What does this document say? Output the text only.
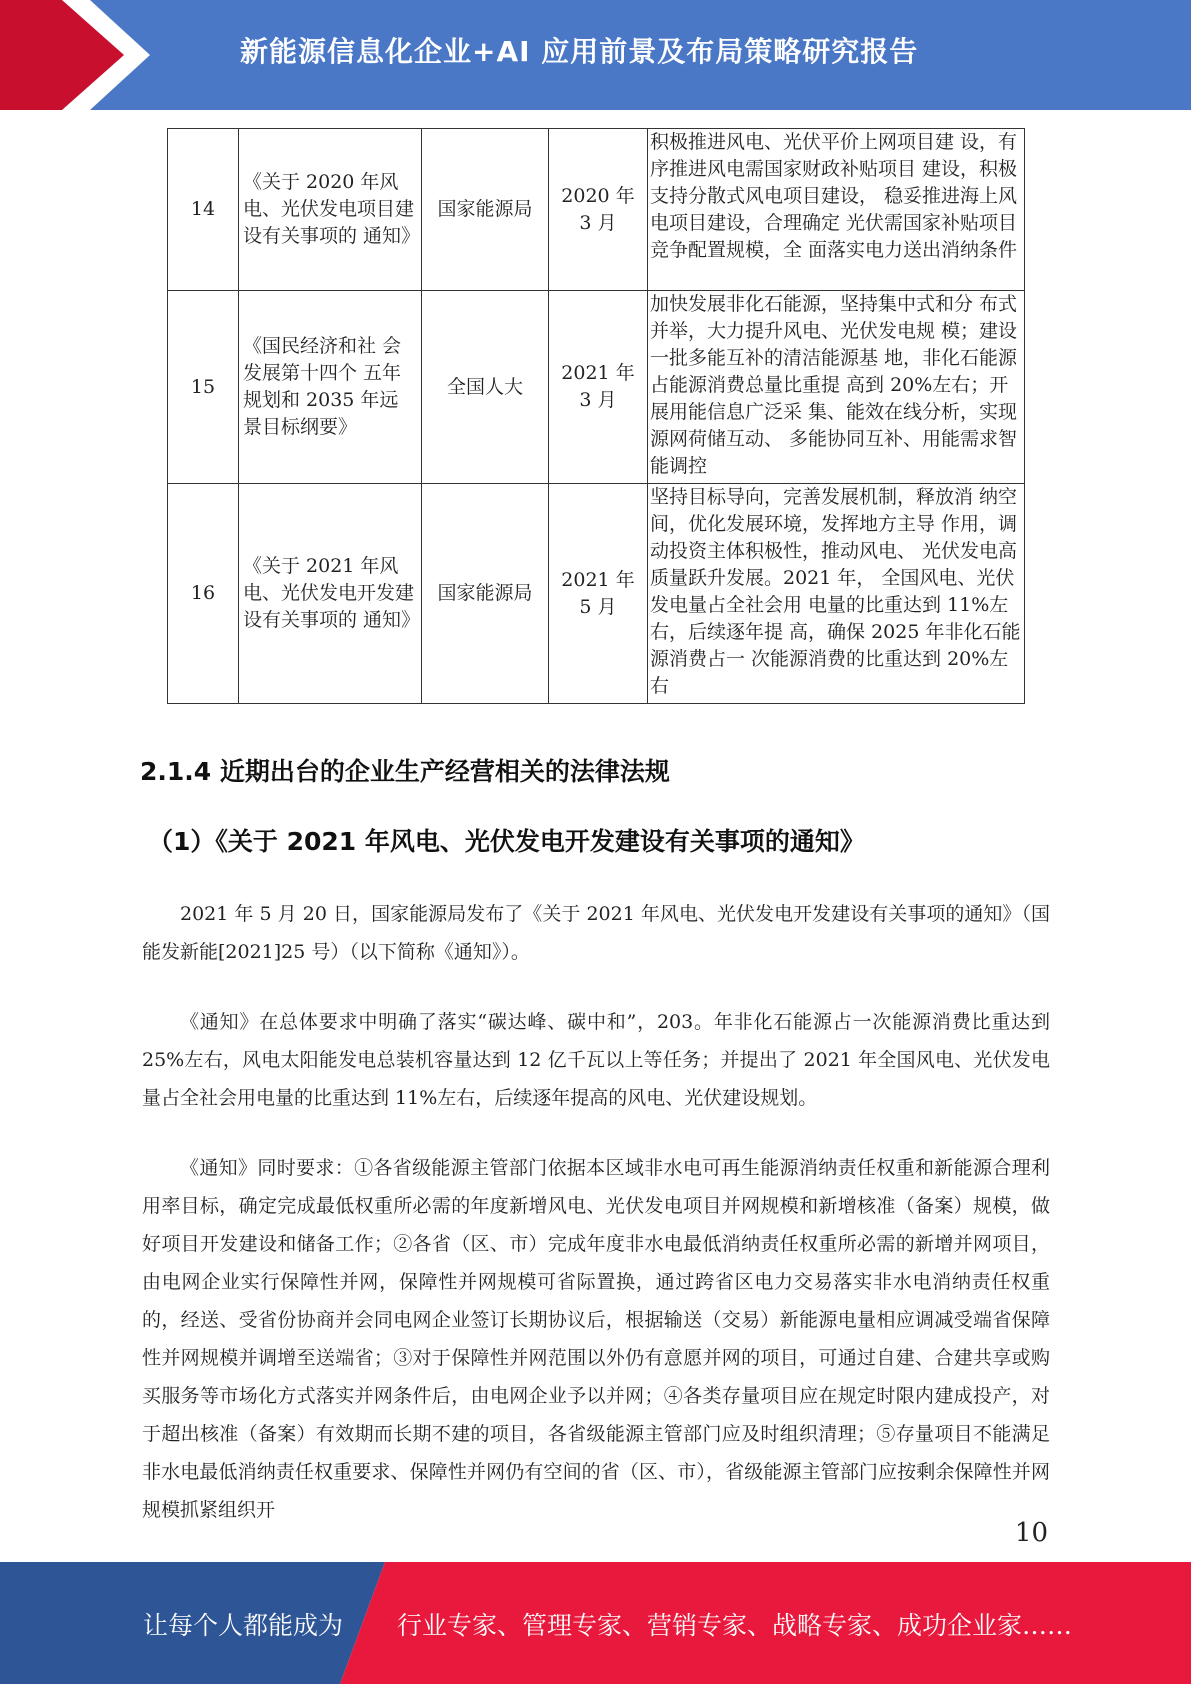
新能源信息化企业+AI 应用前景及布局策略研究报告
14	《关于 2020 年风电、光伏发电项目建设有关事项的 通知》	国家能源局	2020 年 3 月	积极推进风电、光伏平价上网项目建 设，有序推进风电需国家财政补贴项目 建设，积极支持分散式风电项目建设， 稳妥推进海上风电项目建设，合理确定 光伏需国家补贴项目竞争配置规模，全 面落实电力送出消纳条件
15	《国民经济和社 会发展第十四个 五年规划和 2035 年远景目标纲要》	全国人大	2021 年 3 月	加快发展非化石能源，坚持集中式和分 布式并举，大力提升风电、光伏发电规 模；建设一批多能互补的清洁能源基 地，非化石能源占能源消费总量比重提 高到 20%左右；开展用能信息广泛采 集、能效在线分析，实现源网荷储互动、 多能协同互补、用能需求智能调控
16	《关于 2021 年风电、光伏发电开发建设有关事项的 通知》	国家能源局	2021 年 5 月	坚持目标导向，完善发展机制，释放消 纳空间，优化发展环境，发挥地方主导 作用，调动投资主体积极性，推动风电、 光伏发电高质量跃升发展。2021 年， 全国风电、光伏发电量占全社会用 电量的比重达到 11%左右，后续逐年提 高，确保 2025 年非化石能源消费占一 次能源消费的比重达到 20%左右
2.1.4 近期出台的企业生产经营相关的法律法规
（1）《关于 2021 年风电、光伏发电开发建设有关事项的通知》

2021 年 5 月 20 日，国家能源局发布了《关于 2021 年风电、光伏发电开发建设有关事项的通知》（国能发新能[2021]25 号）（以下简称《通知》）。

《通知》在总体要求中明确了落实“碳达峰、碳中和”，203。年非化石能源占一次能源消费比重达到 25%左右，风电太阳能发电总装机容量达到 12 亿千瓦以上等任务；并提出了 2021 年全国风电、光伏发电量占全社会用电量的比重达到 11%左右，后续逐年提高的风电、光伏建设规划。

《通知》同时要求：①各省级能源主管部门依据本区域非水电可再生能源消纳责任权重和新能源合理利用率目标，确定完成最低权重所必需的年度新增风电、光伏发电项目并网规模和新增核准（备案）规模，做好项目开发建设和储备工作；②各省（区、市）完成年度非水电最低消纳责任权重所必需的新增并网项目，由电网企业实行保障性并网，保障性并网规模可省际置换，通过跨省区电力交易落实非水电消纳责任权重的，经送、受省份协商并会同电网企业签订长期协议后，根据输送（交易）新能源电量相应调减受端省保障性并网规模并调增至送端省；③对于保障性并网范围以外仍有意愿并网的项目，可通过自建、合建共享或购买服务等市场化方式落实并网条件后，由电网企业予以并网；④各类存量项目应在规定时限内建成投产，对于超出核准（备案）有效期而长期不建的项目，各省级能源主管部门应及时组织清理；⑤存量项目不能满足非水电最低消纳责任权重要求、保障性并网仍有空间的省（区、市），省级能源主管部门应按剩余保障性并网规模抓紧组织开

10
让每个人都能成为 行业专家、管理专家、营销专家、战略专家、成功企业家……
